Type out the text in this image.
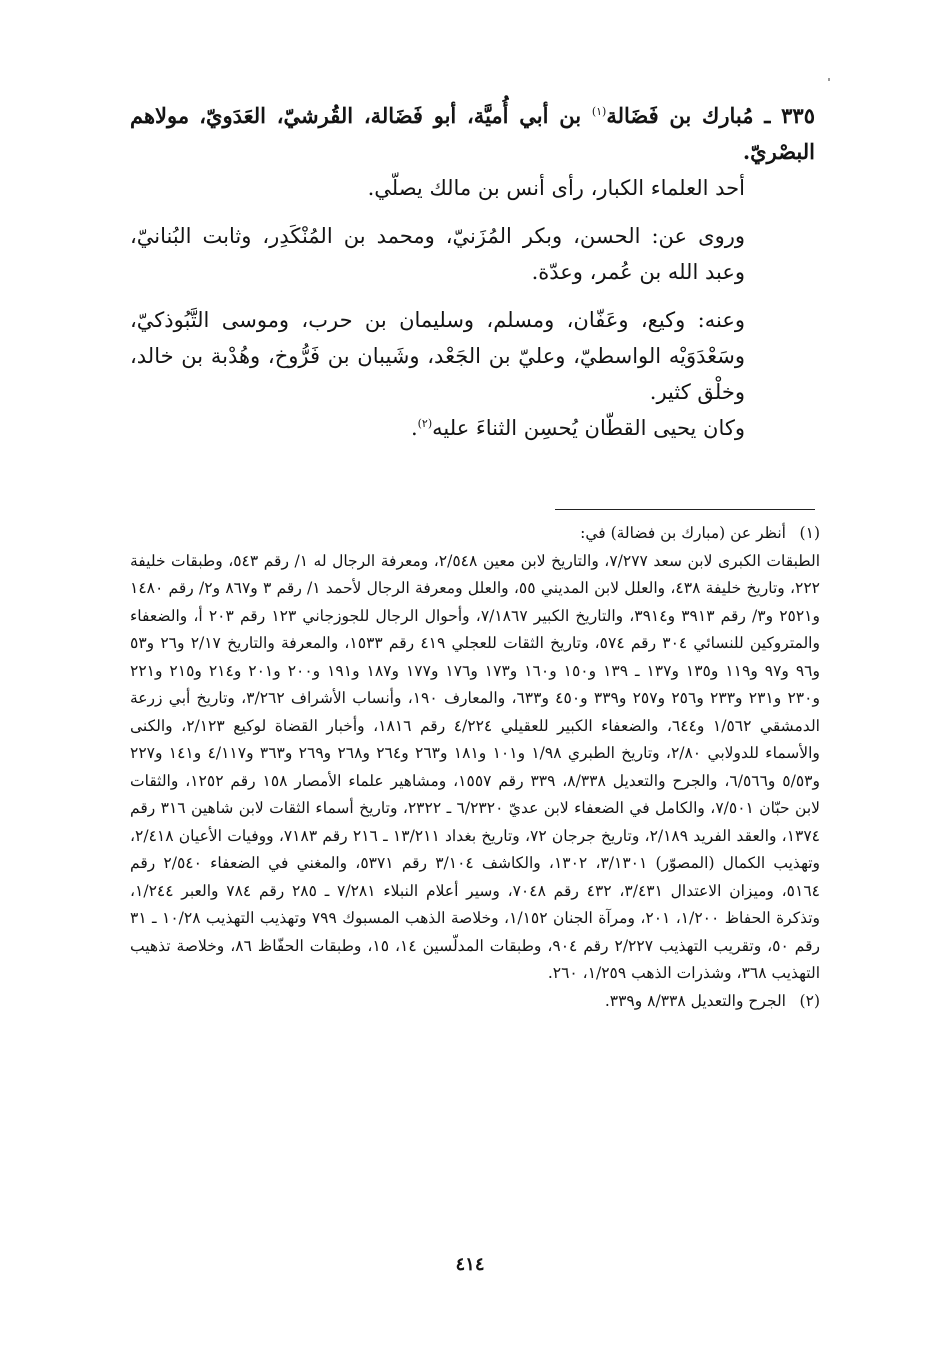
٣٣٥ ـ مُبارك بن فَضَالة$^{(١)}$ بن أبي أُميَّة، أبو فَضَالة، القُرشيّ، العَدَويّ، مولاهم البصْريّ.

أحد العلماء الكبار، رأى أنس بن مالك يصلّي.

وروى عن: الحسن، وبكر المُزَنيّ، ومحمد بن المُنْكَدِر، وثابت البُنانيّ، وعبد الله بن عُمر، وعدّة.

وعنه: وكيع، وعَفّان، ومسلم، وسليمان بن حرب، وموسى التَّبُوذكيّ، وسَعْدَوَيْه الواسطيّ، وعليّ بن الجَعْد، وشَيبان بن فَرُّوخ، وهُدْبة بن خالد، وخلْق كثير.

وكان يحيى القطّان يُحسِن الثناءَ عليه$^{(٢)}$.

(١)أنظر عن (مبارك بن فضالة) في:

الطبقات الكبرى لابن سعد ٧/٢٧٧، والتاريخ لابن معين ٢/٥٤٨، ومعرفة الرجال له ١/ رقم ٥٤٣، وطبقات خليفة ٢٢٢، وتاريخ خليفة ٤٣٨، والعلل لابن المديني ٥٥، والعلل ومعرفة الرجال لأحمد ١/ رقم ٣ و٨٦٧ و٢/ رقم ١٤٨٠ و٢٥٢١ و٣/ رقم ٣٩١٣ و٣٩١٤، والتاريخ الكبير ٧/١٨٦٧، وأحوال الرجال للجوزجاني ١٢٣ رقم ٢٠٣ أ، والضعفاء والمتروكين للنسائي ٣٠٤ رقم ٥٧٤، وتاريخ الثقات للعجلي ٤١٩ رقم ١٥٣٣، والمعرفة والتاريخ ٢/١٧ و٢٦ و٥٣ و٩٦ و٩٧ و١١٩ و١٣٥ و١٣٧ ـ ١٣٩ و١٥٠ و١٦٠ و١٧٣ و١٧٦ و١٧٧ و١٨٧ و١٩١ و٢٠٠ و٢٠١ و٢١٤ و٢١٥ و٢٢١ و٢٣٠ و٢٣١ و٢٣٣ و٢٥٦ و٢٥٧ و٣٣٩ و٤٥٠ و٦٣٣، والمعارف ١٩٠، وأنساب الأشراف ٣/٢٦٢، وتاريخ أبي زرعة الدمشقي ١/٥٦٢ و٦٤٤، والضعفاء الكبير للعقيلي ٤/٢٢٤ رقم ١٨١٦، وأخبار القضاة لوكيع ٢/١٢٣، والكنى والأسماء للدولابي ٢/٨٠، وتاريخ الطبري ١/٩٨ و١٠١ و١٨١ و٢٦٣ و٢٦٤ و٢٦٨ و٢٦٩ و٣٦٣ و٤/١١٧ و١٤١ و٢٢٧ و٥/٥٣ و٦/٥٦٦، والجرح والتعديل ٨/٣٣٨، ٣٣٩ رقم ١٥٥٧، ومشاهير علماء الأمصار ١٥٨ رقم ١٢٥٢، والثقات لابن حبّان ٧/٥٠١، والكامل في الضعفاء لابن عديّ ٦/٢٣٢٠ ـ ٢٣٢٢، وتاريخ أسماء الثقات لابن شاهين ٣١٦ رقم ١٣٧٤، والعقد الفريد ٢/١٨٩، وتاريخ جرجان ٧٢، وتاريخ بغداد ١٣/٢١١ ـ ٢١٦ رقم ٧١٨٣، ووفيات الأعيان ٢/٤١٨، وتهذيب الكمال (المصوّر) ٣/١٣٠١، ١٣٠٢، والكاشف ٣/١٠٤ رقم ٥٣٧١، والمغني في الضعفاء ٢/٥٤٠ رقم ٥١٦٤، وميزان الاعتدال ٣/٤٣١، ٤٣٢ رقم ٧٠٤٨، وسير أعلام النبلاء ٧/٢٨١ ـ ٢٨٥ رقم ٧٨٤ والعبر ١/٢٤٤، وتذكرة الحفاظ ١/٢٠٠، ٢٠١، ومرآة الجنان ١/١٥٢، وخلاصة الذهب المسبوك ٧٩٩ وتهذيب التهذيب ١٠/٢٨ ـ ٣١ رقم ٥٠، وتقريب التهذيب ٢/٢٢٧ رقم ٩٠٤، وطبقات المدلّسين ١٤، ١٥، وطبقات الحفّاظ ٨٦، وخلاصة تذهيب التهذيب ٣٦٨، وشذرات الذهب ١/٢٥٩، ٢٦٠.

(٢)الجرح والتعديل ٨/٣٣٨ و٣٣٩.

٤١٤
